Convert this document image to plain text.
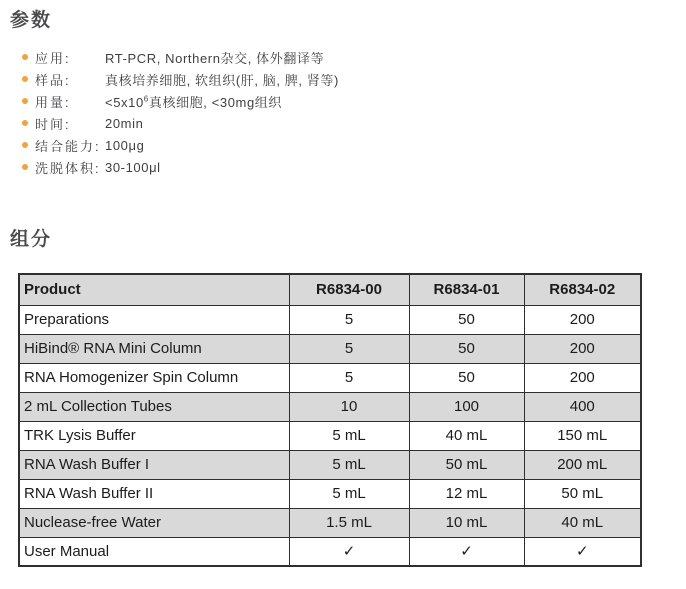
参数
应用:	RT-PCR, Northern杂交, 体外翻译等
样品:	真核培养细胞, 软组织(肝, 脑, 脾, 肾等)
用量:	$<5x10^6$真核细胞, <30mg组织
时间:	20min
结合能力: 100μg
洗脱体积: 30-100μl
组分
Product	R6834-00	R6834-01	R6834-02
Preparations	5	50	200
HiBind® RNA Mini Column	5	50	200
RNA Homogenizer Spin Column	5	50	200
2 mL Collection Tubes	10	100	400
TRK Lysis Buffer	5 mL	40 mL	150 mL
RNA Wash Buffer I	5 mL	50 mL	200 mL
RNA Wash Buffer II	5 mL	12 mL	50 mL
Nuclease-free Water	1.5 mL	10 mL	40 mL
User Manual	✓	✓	✓
